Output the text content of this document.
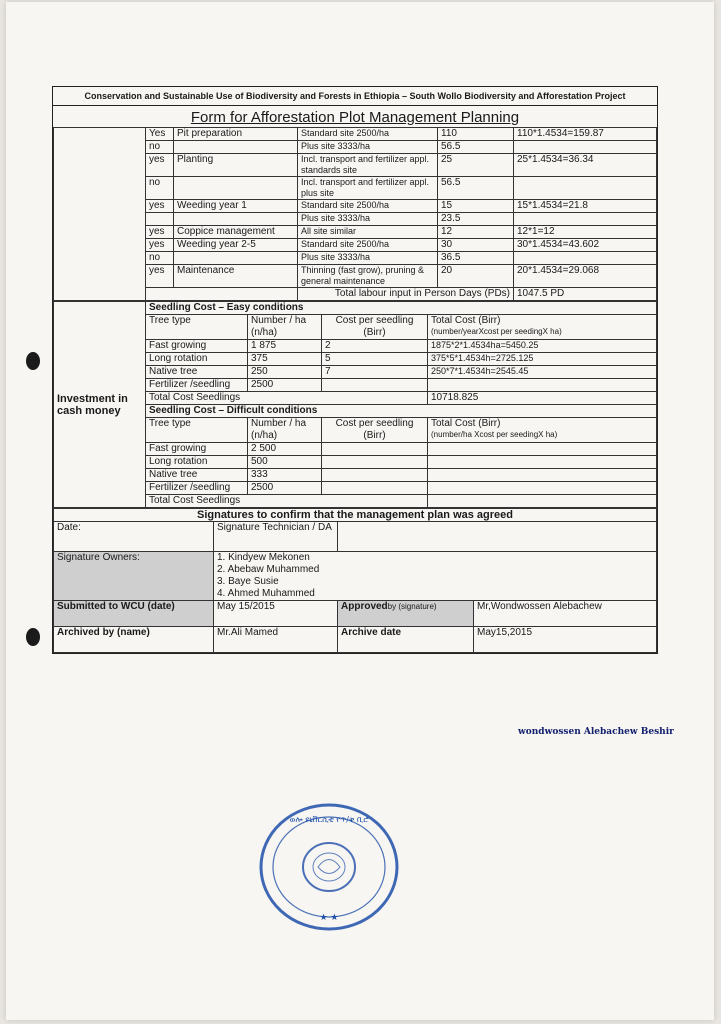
Conservation and Sustainable Use of Biodiversity and Forests in Ethiopia – South Wollo Biodiversity and Afforestation Project
Form for Afforestation Plot Management Planning
	Yes	Pit preparation	Standard site 2500/ha	110	110*1.4534=159.87
	no		Plus site 3333/ha	56.5	
	yes	Planting	Incl. transport and fertilizer appl. standards site	25	25*1.4534=36.34
	no		Incl. transport and fertilizer appl. plus site	56.5	
	yes	Weeding year 1	Standard site 2500/ha	15	15*1.4534=21.8
			Plus site 3333/ha	23.5	
	yes	Coppice management	All site similar	12	12*1=12
	yes	Weeding year 2-5	Standard site 2500/ha	30	30*1.4534=43.602
	no		Plus site 3333/ha	36.5	
	yes	Maintenance	Thinning (fast grow), pruning & general maintenance	20	20*1.4534=29.068
			Total labour input in Person Days (PDs)		1047.5 PD
Investment in cash money	Seedling Cost – Easy conditions			
	Tree type	Number / ha (n/ha)	Cost per seedling (Birr)	Total Cost (Birr)
(number/yearXcost per seedingX ha)

	Fast growing	1 875	2	1875*2*1.4534ha=5450.25
	Long rotation	375	5	375*5*1.4534h=2725.125
	Native tree	250	7	250*7*1.4534h=2545.45
	Fertilizer /seedling	2500		
	Total Cost Seedlings			10718.825
	Seedling Cost – Difficult conditions			
	Tree type	Number / ha (n/ha)	Cost per seedling (Birr)	Total Cost (Birr)
(number/ha Xcost per seedingX ha)

	Fast growing	2 500		
	Long rotation	500		
	Native tree	333		
	Fertilizer /seedling	2500		
	Total Cost Seedlings			
Signatures to confirm that the management plan was agreed			
Date:	Signature Technician / DA		
Signature Owners:	1. Kindyew Mekonen
2. Abebaw Muhammed
3. Baye Susie
4. Ahmed Muhammed		

Submitted to WCU (date)	May 15/2015	Approvedby (signature)	Mr,Wondwossen Alebachew
Archived by (name)	Mr.Ali Mamed	Archive date	May15,2015
wondwossen Alebachew Beshir
ወሎ ዩኒቨርሲቲ የጥ/ቅ ቢሮ
★ ★
